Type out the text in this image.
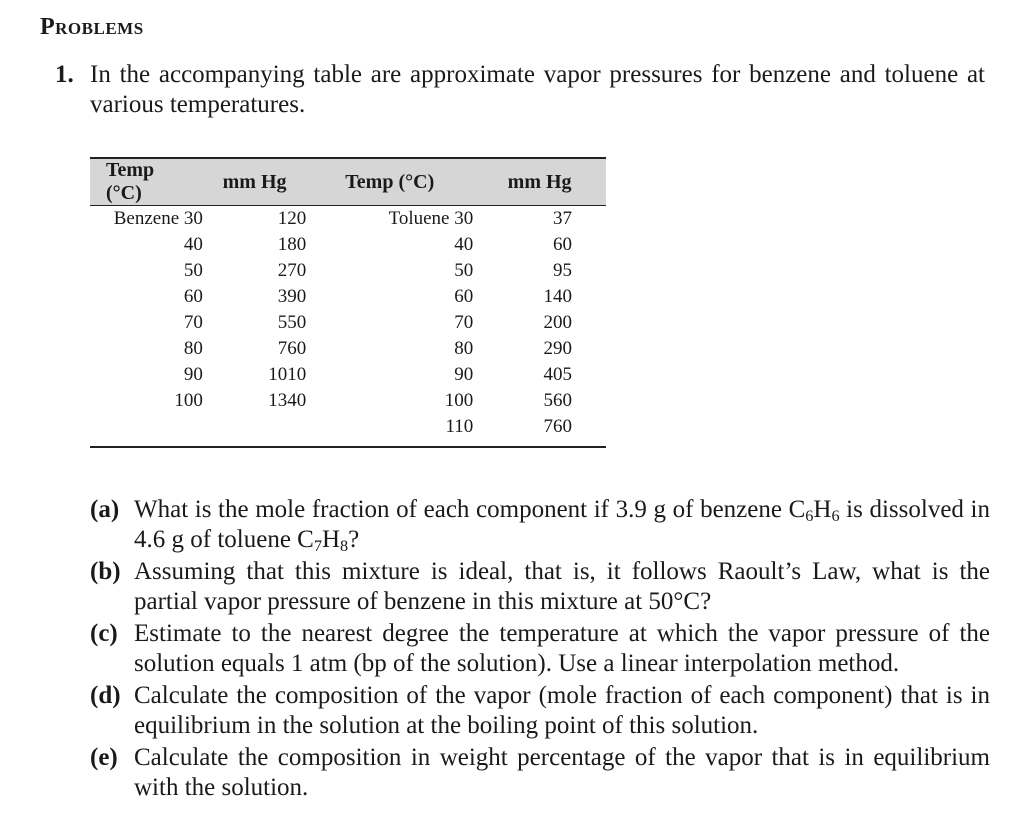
Problems
1. In the accompanying table are approximate vapor pressures for benzene and toluene at various temperatures.
Temp (°C)	mm Hg	Temp (°C)	mm Hg
Benzene 30	120	Toluene 30	37
40	180	40	60
50	270	50	95
60	390	60	140
70	550	70	200
80	760	80	290
90	1010	90	405
100	1340	100	560
		110	760
(a) What is the mole fraction of each component if 3.9 g of benzene $C_6H_6$ is dissolved in 4.6 g of toluene $C_7H_8$?
(b) Assuming that this mixture is ideal, that is, it follows Raoult’s Law, what is the partial vapor pressure of benzene in this mixture at 50°C?
(c) Estimate to the nearest degree the temperature at which the vapor pressure of the solution equals 1 atm (bp of the solution). Use a linear interpolation method.
(d) Calculate the composition of the vapor (mole fraction of each component) that is in equilibrium in the solution at the boiling point of this solution.
(e) Calculate the composition in weight percentage of the vapor that is in equilibrium with the solution.
